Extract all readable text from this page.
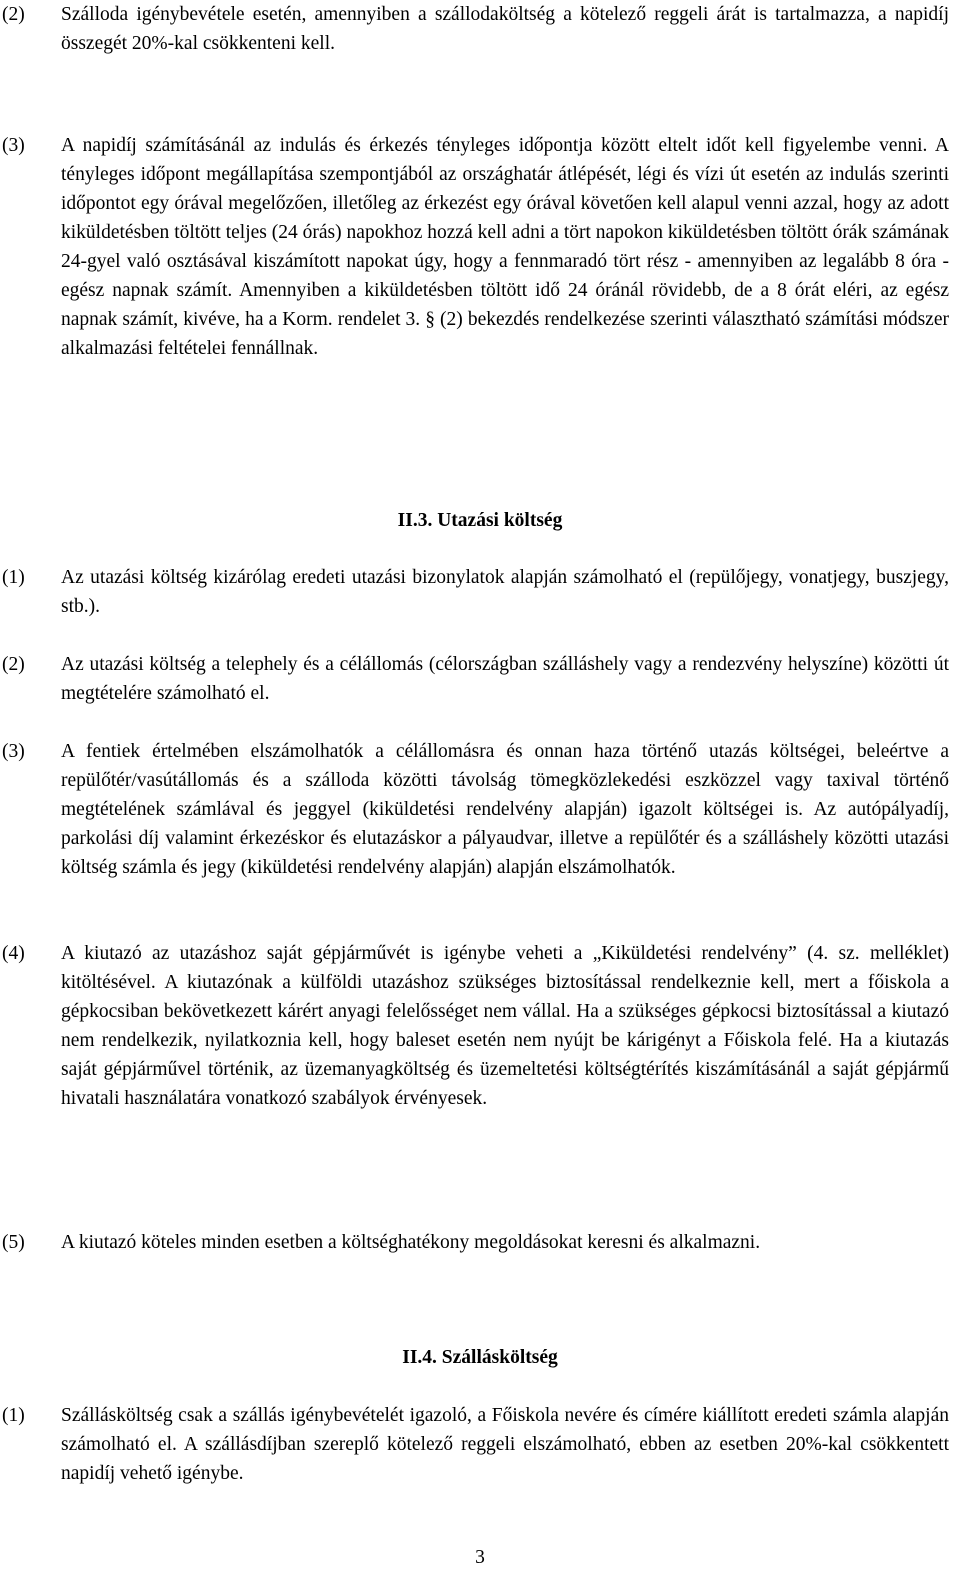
(2) Szálloda igénybevétele esetén, amennyiben a szállodaköltség a kötelező reggeli árát is tartalmazza, a napidíj összegét 20%-kal csökkenteni kell.
(3) A napidíj számításánál az indulás és érkezés tényleges időpontja között eltelt időt kell figyelembe venni. A tényleges időpont megállapítása szempontjából az országhatár átlépését, légi és vízi út esetén az indulás szerinti időpontot egy órával megelőzően, illetőleg az érkezést egy órával követően kell alapul venni azzal, hogy az adott kiküldetésben töltött teljes (24 órás) napokhoz hozzá kell adni a tört napokon kiküldetésben töltött órák számának 24-gyel való osztásával kiszámított napokat úgy, hogy a fennmaradó tört rész - amennyiben az legalább 8 óra - egész napnak számít. Amennyiben a kiküldetésben töltött idő 24 óránál rövidebb, de a 8 órát eléri, az egész napnak számít, kivéve, ha a Korm. rendelet 3. § (2) bekezdés rendelkezése szerinti választható számítási módszer alkalmazási feltételei fennállnak.
II.3. Utazási költség
(1) Az utazási költség kizárólag eredeti utazási bizonylatok alapján számolható el (repülőjegy, vonatjegy, buszjegy, stb.).
(2) Az utazási költség a telephely és a célállomás (célországban szálláshely vagy a rendezvény helyszíne) közötti út megtételére számolható el.
(3) A fentiek értelmében elszámolhatók a célállomásra és onnan haza történő utazás költségei, beleértve a repülőtér/vasútállomás és a szálloda közötti távolság tömegközlekedési eszközzel vagy taxival történő megtételének számlával és jeggyel (kiküldetési rendelvény alapján) igazolt költségei is. Az autópályadíj, parkolási díj valamint érkezéskor és elutazáskor a pályaudvar, illetve a repülőtér és a szálláshely közötti utazási költség számla és jegy (kiküldetési rendelvény alapján) alapján elszámolhatók.
(4) A kiutazó az utazáshoz saját gépjárművét is igénybe veheti a „Kiküldetési rendelvény” (4. sz. melléklet) kitöltésével. A kiutazónak a külföldi utazáshoz szükséges biztosítással rendelkeznie kell, mert a főiskola a gépkocsiban bekövetkezett kárért anyagi felelősséget nem vállal. Ha a szükséges gépkocsi biztosítással a kiutazó nem rendelkezik, nyilatkoznia kell, hogy baleset esetén nem nyújt be kárigényt a Főiskola felé. Ha a kiutazás saját gépjárművel történik, az üzemanyagköltség és üzemeltetési költségtérítés kiszámításánál a saját gépjármű hivatali használatára vonatkozó szabályok érvényesek.
(5) A kiutazó köteles minden esetben a költséghatékony megoldásokat keresni és alkalmazni.
II.4. Szállásköltség
(1) Szállásköltség csak a szállás igénybevételét igazoló, a Főiskola nevére és címére kiállított eredeti számla alapján számolható el. A szállásdíjban szereplő kötelező reggeli elszámolható, ebben az esetben 20%-kal csökkentett napidíj vehető igénybe.
3
